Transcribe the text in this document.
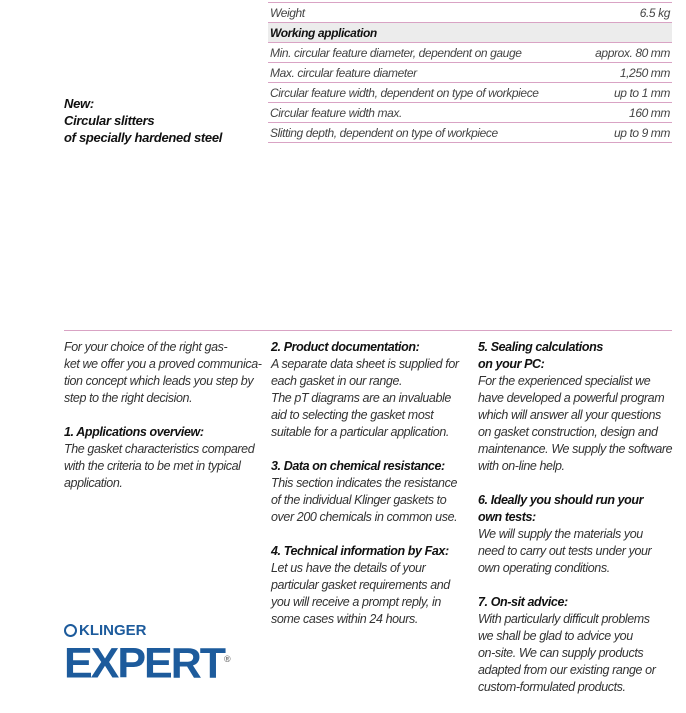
Weight	6.5 kg
Working application
Min. circular feature diameter, dependent on gauge	approx. 80 mm
Max. circular feature diameter	1,250 mm
Circular feature width, dependent on type of workpiece	up to 1 mm
Circular feature width max.	160 mm
Slitting depth, dependent on type of workpiece	up to 9 mm
New:
Circular slitters
of specially hardened steel

For your choice of the right gas-
ket we offer you a proved communica-
tion concept which leads you step by
step to the right decision.

1. Applications overview:

The gasket characteristics compared
with the criteria to be met in typical
application.

2. Product documentation:

A separate data sheet is supplied for
each gasket in our range.
The pT diagrams are an invaluable
aid to selecting the gasket most
suitable for a particular application.

3. Data on chemical resistance:

This section indicates the resistance
of the individual Klinger gaskets to
over 200 chemicals in common use.

4. Technical information by Fax:

Let us have the details of your
particular gasket requirements and
you will receive a prompt reply, in
some cases within 24 hours.

5. Sealing calculations
on your PC:

For the experienced specialist we
have developed a powerful program
which will answer all your questions
on gasket construction, design and
maintenance. We supply the software
with on-line help.

6. Ideally you should run your
own tests:

We will supply the materials you
need to carry out tests under your
own operating conditions.

7. On-sit advice:

With particularly difficult problems
we shall be glad to advice you
on-site. We can supply products
adapted from our existing range or
custom-formulated products.

KLINGER
EXPERT®
